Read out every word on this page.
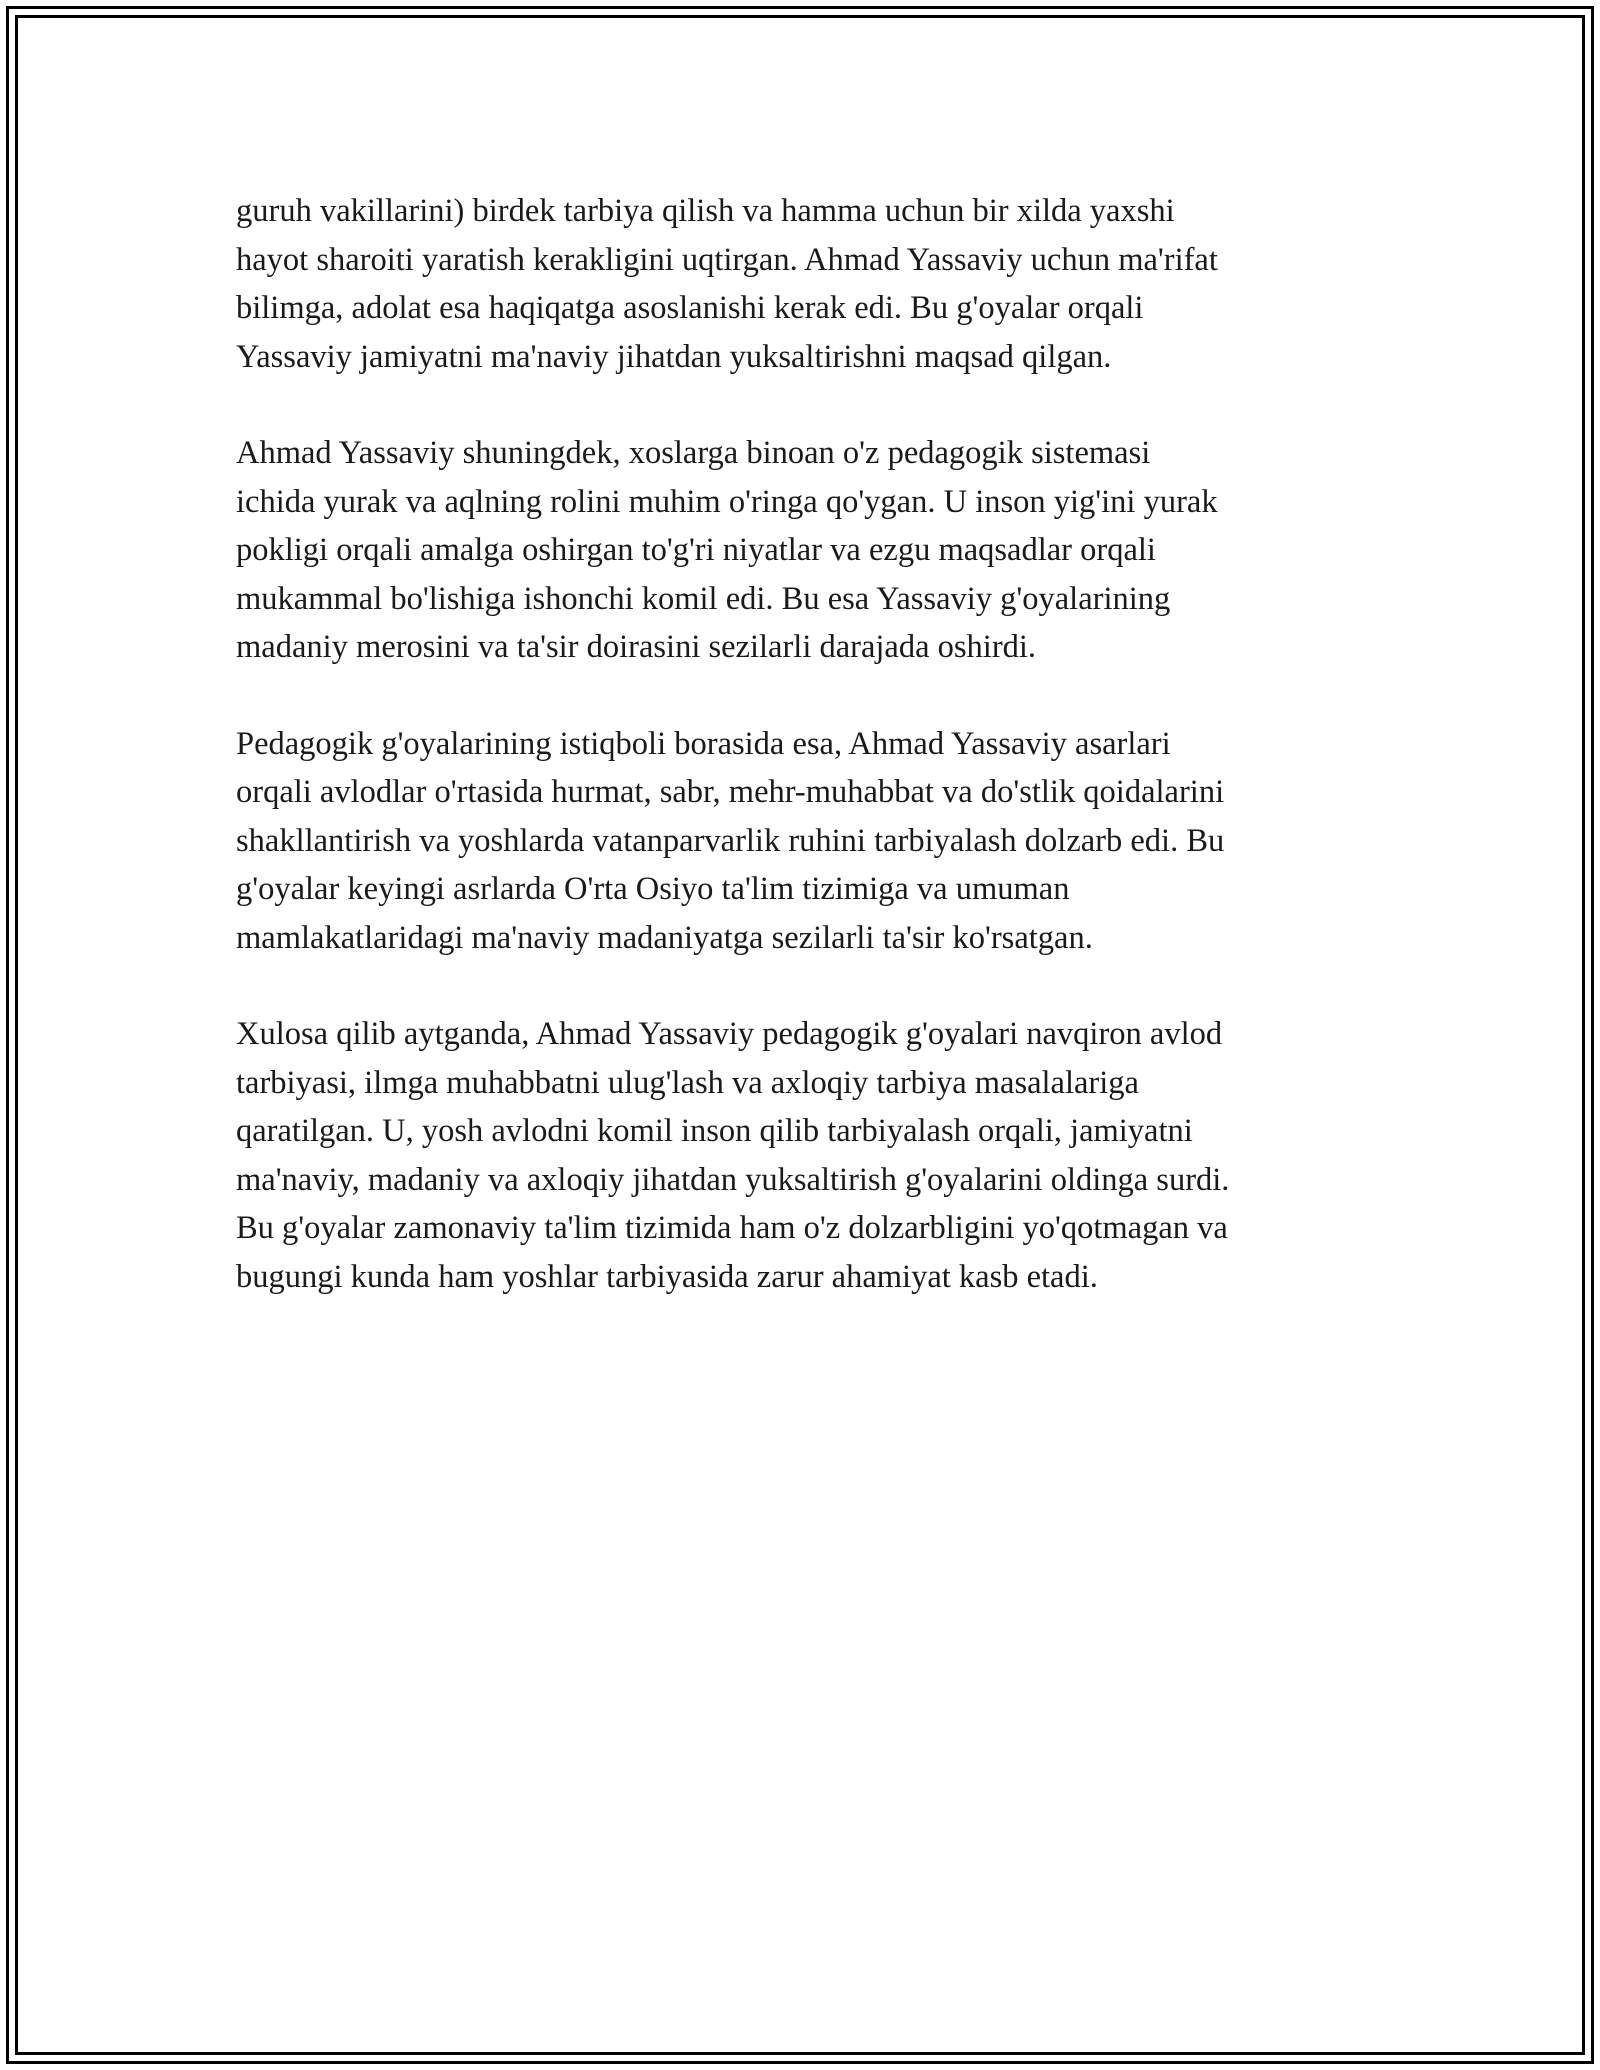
guruh vakillarini) birdek tarbiya qilish va hamma uchun bir xilda yaxshi
hayot sharoiti yaratish kerakligini uqtirgan. Ahmad Yassaviy uchun ma'rifat
bilimga, adolat esa haqiqatga asoslanishi kerak edi. Bu g'oyalar orqali
Yassaviy jamiyatni ma'naviy jihatdan yuksaltirishni maqsad qilgan.

Ahmad Yassaviy shuningdek, xoslarga binoan o'z pedagogik sistemasi
ichida yurak va aqlning rolini muhim o'ringa qo'ygan. U inson yig'ini yurak
pokligi orqali amalga oshirgan to'g'ri niyatlar va ezgu maqsadlar orqali
mukammal bo'lishiga ishonchi komil edi. Bu esa Yassaviy g'oyalarining
madaniy merosini va ta'sir doirasini sezilarli darajada oshirdi.

Pedagogik g'oyalarining istiqboli borasida esa, Ahmad Yassaviy asarlari
orqali avlodlar o'rtasida hurmat, sabr, mehr-muhabbat va do'stlik qoidalarini
shakllantirish va yoshlarda vatanparvarlik ruhini tarbiyalash dolzarb edi. Bu
g'oyalar keyingi asrlarda O'rta Osiyo ta'lim tizimiga va umuman
mamlakatlaridagi ma'naviy madaniyatga sezilarli ta'sir ko'rsatgan.

Xulosa qilib aytganda, Ahmad Yassaviy pedagogik g'oyalari navqiron avlod
tarbiyasi, ilmga muhabbatni ulug'lash va axloqiy tarbiya masalalariga
qaratilgan. U, yosh avlodni komil inson qilib tarbiyalash orqali, jamiyatni
ma'naviy, madaniy va axloqiy jihatdan yuksaltirish g'oyalarini oldinga surdi.
Bu g'oyalar zamonaviy ta'lim tizimida ham o'z dolzarbligini yo'qotmagan va
bugungi kunda ham yoshlar tarbiyasida zarur ahamiyat kasb etadi.
